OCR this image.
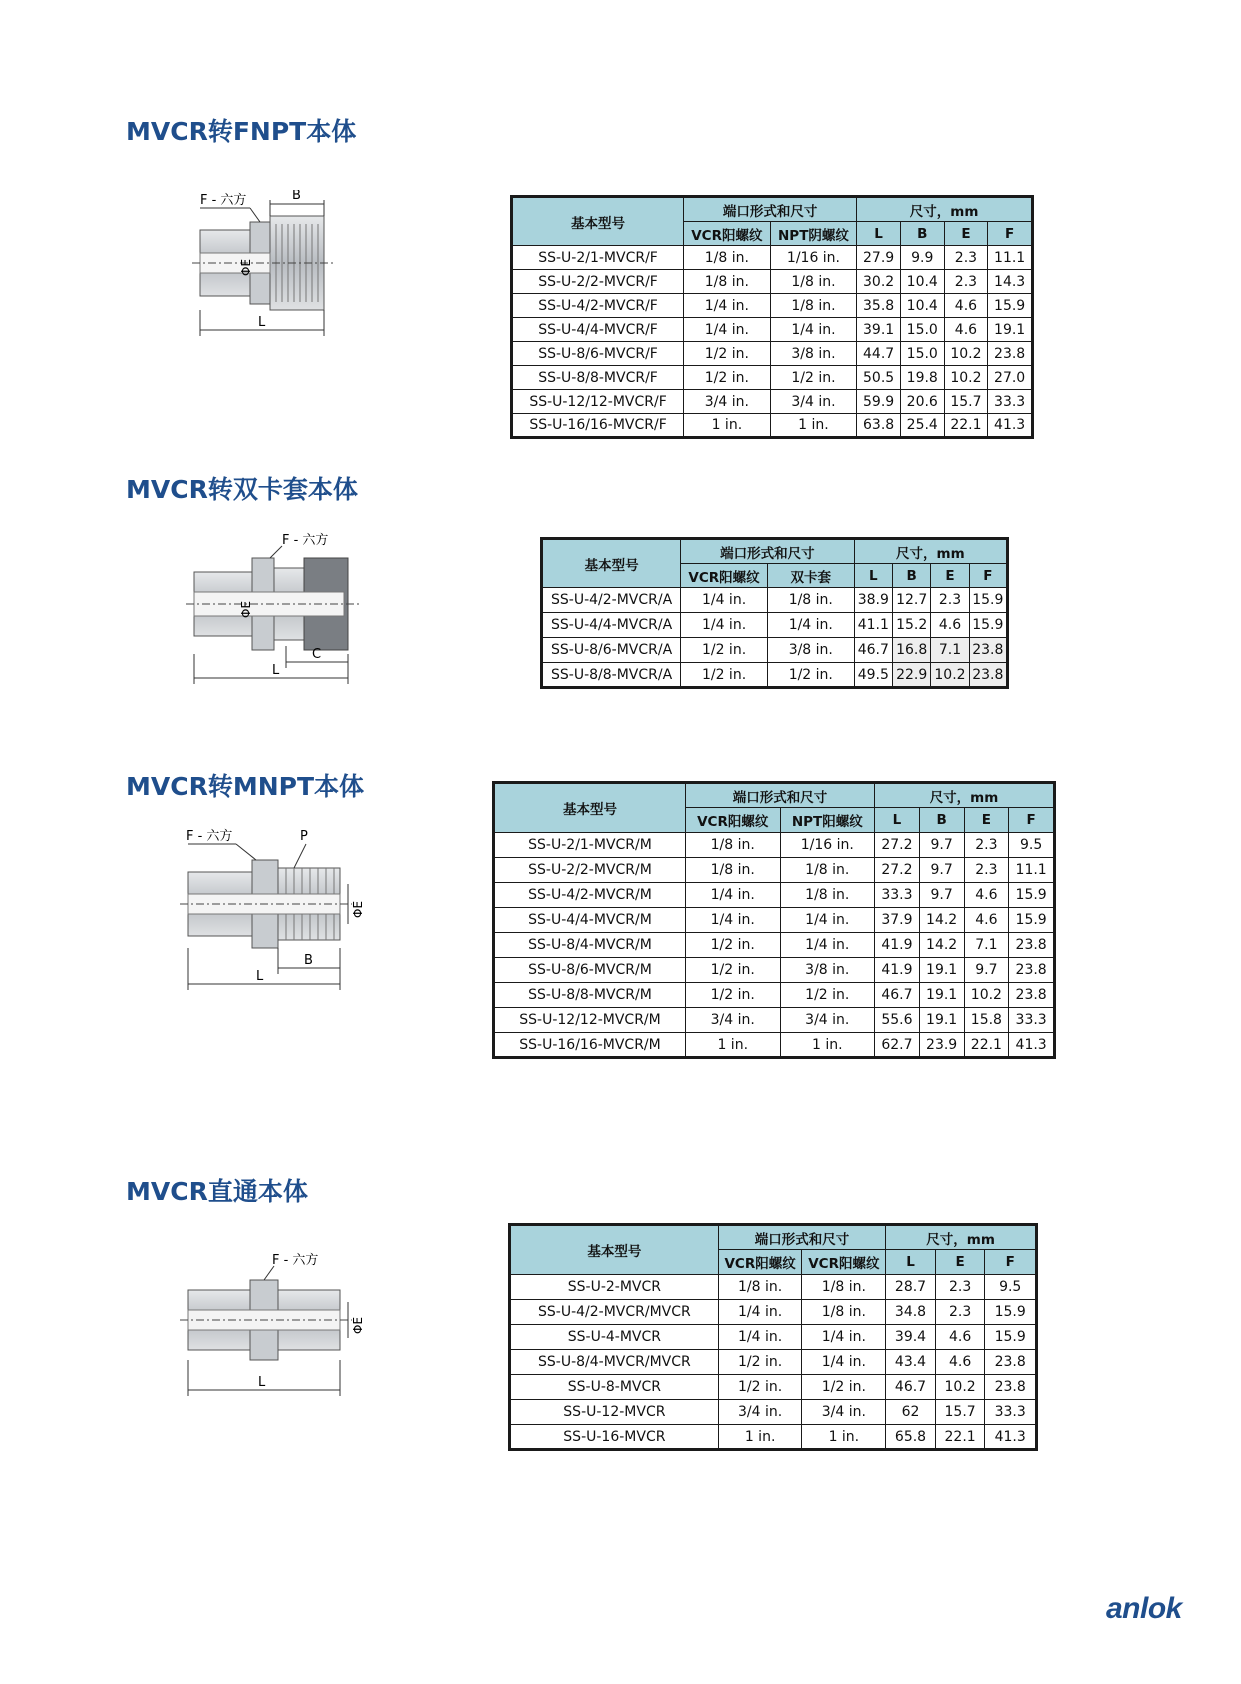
MVCR转FNPT本体
F - 六方	B
L
ΦE
基本型号	端口形式和尺寸		尺寸，mm			
	VCR阳螺纹	NPT阴螺纹	L	B	E	F
SS-U-2/1-MVCR/F	1/8 in.	1/16 in.	27.9	9.9	2.3	11.1
SS-U-2/2-MVCR/F	1/8 in.	1/8 in.	30.2	10.4	2.3	14.3
SS-U-4/2-MVCR/F	1/4 in.	1/8 in.	35.8	10.4	4.6	15.9
SS-U-4/4-MVCR/F	1/4 in.	1/4 in.	39.1	15.0	4.6	19.1
SS-U-8/6-MVCR/F	1/2 in.	3/8 in.	44.7	15.0	10.2	23.8
SS-U-8/8-MVCR/F	1/2 in.	1/2 in.	50.5	19.8	10.2	27.0
SS-U-12/12-MVCR/F	3/4 in.	3/4 in.	59.9	20.6	15.7	33.3
SS-U-16/16-MVCR/F	1 in.	1 in.	63.8	25.4	22.1	41.3
MVCR转双卡套本体
F - 六方
C
L
ΦE
基本型号	端口形式和尺寸		尺寸，mm			
	VCR阳螺纹	双卡套	L	B	E	F
SS-U-4/2-MVCR/A	1/4 in.	1/8 in.	38.9	12.7	2.3	15.9
SS-U-4/4-MVCR/A	1/4 in.	1/4 in.	41.1	15.2	4.6	15.9
SS-U-8/6-MVCR/A	1/2 in.	3/8 in.	46.7	16.8	7.1	23.8
SS-U-8/8-MVCR/A	1/2 in.	1/2 in.	49.5	22.9	10.2	23.8
MVCR转MNPT本体
F - 六方	P
B
L
ΦE
基本型号	端口形式和尺寸		尺寸，mm			
	VCR阳螺纹	NPT阳螺纹	L	B	E	F
SS-U-2/1-MVCR/M	1/8 in.	1/16 in.	27.2	9.7	2.3	9.5
SS-U-2/2-MVCR/M	1/8 in.	1/8 in.	27.2	9.7	2.3	11.1
SS-U-4/2-MVCR/M	1/4 in.	1/8 in.	33.3	9.7	4.6	15.9
SS-U-4/4-MVCR/M	1/4 in.	1/4 in.	37.9	14.2	4.6	15.9
SS-U-8/4-MVCR/M	1/2 in.	1/4 in.	41.9	14.2	7.1	23.8
SS-U-8/6-MVCR/M	1/2 in.	3/8 in.	41.9	19.1	9.7	23.8
SS-U-8/8-MVCR/M	1/2 in.	1/2 in.	46.7	19.1	10.2	23.8
SS-U-12/12-MVCR/M	3/4 in.	3/4 in.	55.6	19.1	15.8	33.3
SS-U-16/16-MVCR/M	1 in.	1 in.	62.7	23.9	22.1	41.3
MVCR直通本体
F - 六方
L
ΦE
基本型号	端口形式和尺寸		尺寸，mm		
	VCR阳螺纹	VCR阳螺纹	L	E	F
SS-U-2-MVCR	1/8 in.	1/8 in.	28.7	2.3	9.5
SS-U-4/2-MVCR/MVCR	1/4 in.	1/8 in.	34.8	2.3	15.9
SS-U-4-MVCR	1/4 in.	1/4 in.	39.4	4.6	15.9
SS-U-8/4-MVCR/MVCR	1/2 in.	1/4 in.	43.4	4.6	23.8
SS-U-8-MVCR	1/2 in.	1/2 in.	46.7	10.2	23.8
SS-U-12-MVCR	3/4 in.	3/4 in.	62	15.7	33.3
SS-U-16-MVCR	1 in.	1 in.	65.8	22.1	41.3
anlok
